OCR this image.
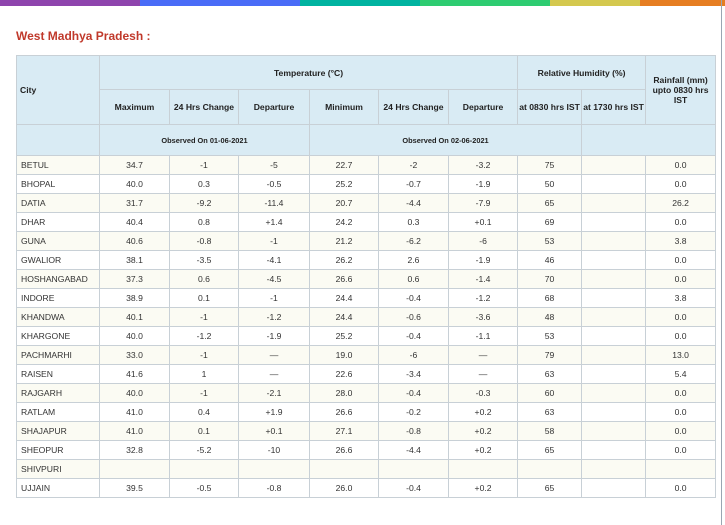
West Madhya Pradesh :
City	Temperature (°C)						Relative Humidity (%)		Rainfall (mm) upto 0830 hrs IST
	Maximum	24 Hrs Change	Departure	Minimum	24 Hrs Change	Departure	at 0830 hrs IST	at 1730 hrs IST	
	Observed On 01-06-2021			Observed On 02-06-2021					
BETUL	34.7	-1	-5	22.7	-2	-3.2	75		0.0
BHOPAL	40.0	0.3	-0.5	25.2	-0.7	-1.9	50		0.0
DATIA	31.7	-9.2	-11.4	20.7	-4.4	-7.9	65		26.2
DHAR	40.4	0.8	+1.4	24.2	0.3	+0.1	69		0.0
GUNA	40.6	-0.8	-1	21.2	-6.2	-6	53		3.8
GWALIOR	38.1	-3.5	-4.1	26.2	2.6	-1.9	46		0.0
HOSHANGABAD	37.3	0.6	-4.5	26.6	0.6	-1.4	70		0.0
INDORE	38.9	0.1	-1	24.4	-0.4	-1.2	68		3.8
KHANDWA	40.1	-1	-1.2	24.4	-0.6	-3.6	48		0.0
KHARGONE	40.0	-1.2	-1.9	25.2	-0.4	-1.1	53		0.0
PACHMARHI	33.0	-1	—	19.0	-6	—	79		13.0
RAISEN	41.6	1	—	22.6	-3.4	—	63		5.4
RAJGARH	40.0	-1	-2.1	28.0	-0.4	-0.3	60		0.0
RATLAM	41.0	0.4	+1.9	26.6	-0.2	+0.2	63		0.0
SHAJAPUR	41.0	0.1	+0.1	27.1	-0.8	+0.2	58		0.0
SHEOPUR	32.8	-5.2	-10	26.6	-4.4	+0.2	65		0.0
SHIVPURI									
UJJAIN	39.5	-0.5	-0.8	26.0	-0.4	+0.2	65		0.0
